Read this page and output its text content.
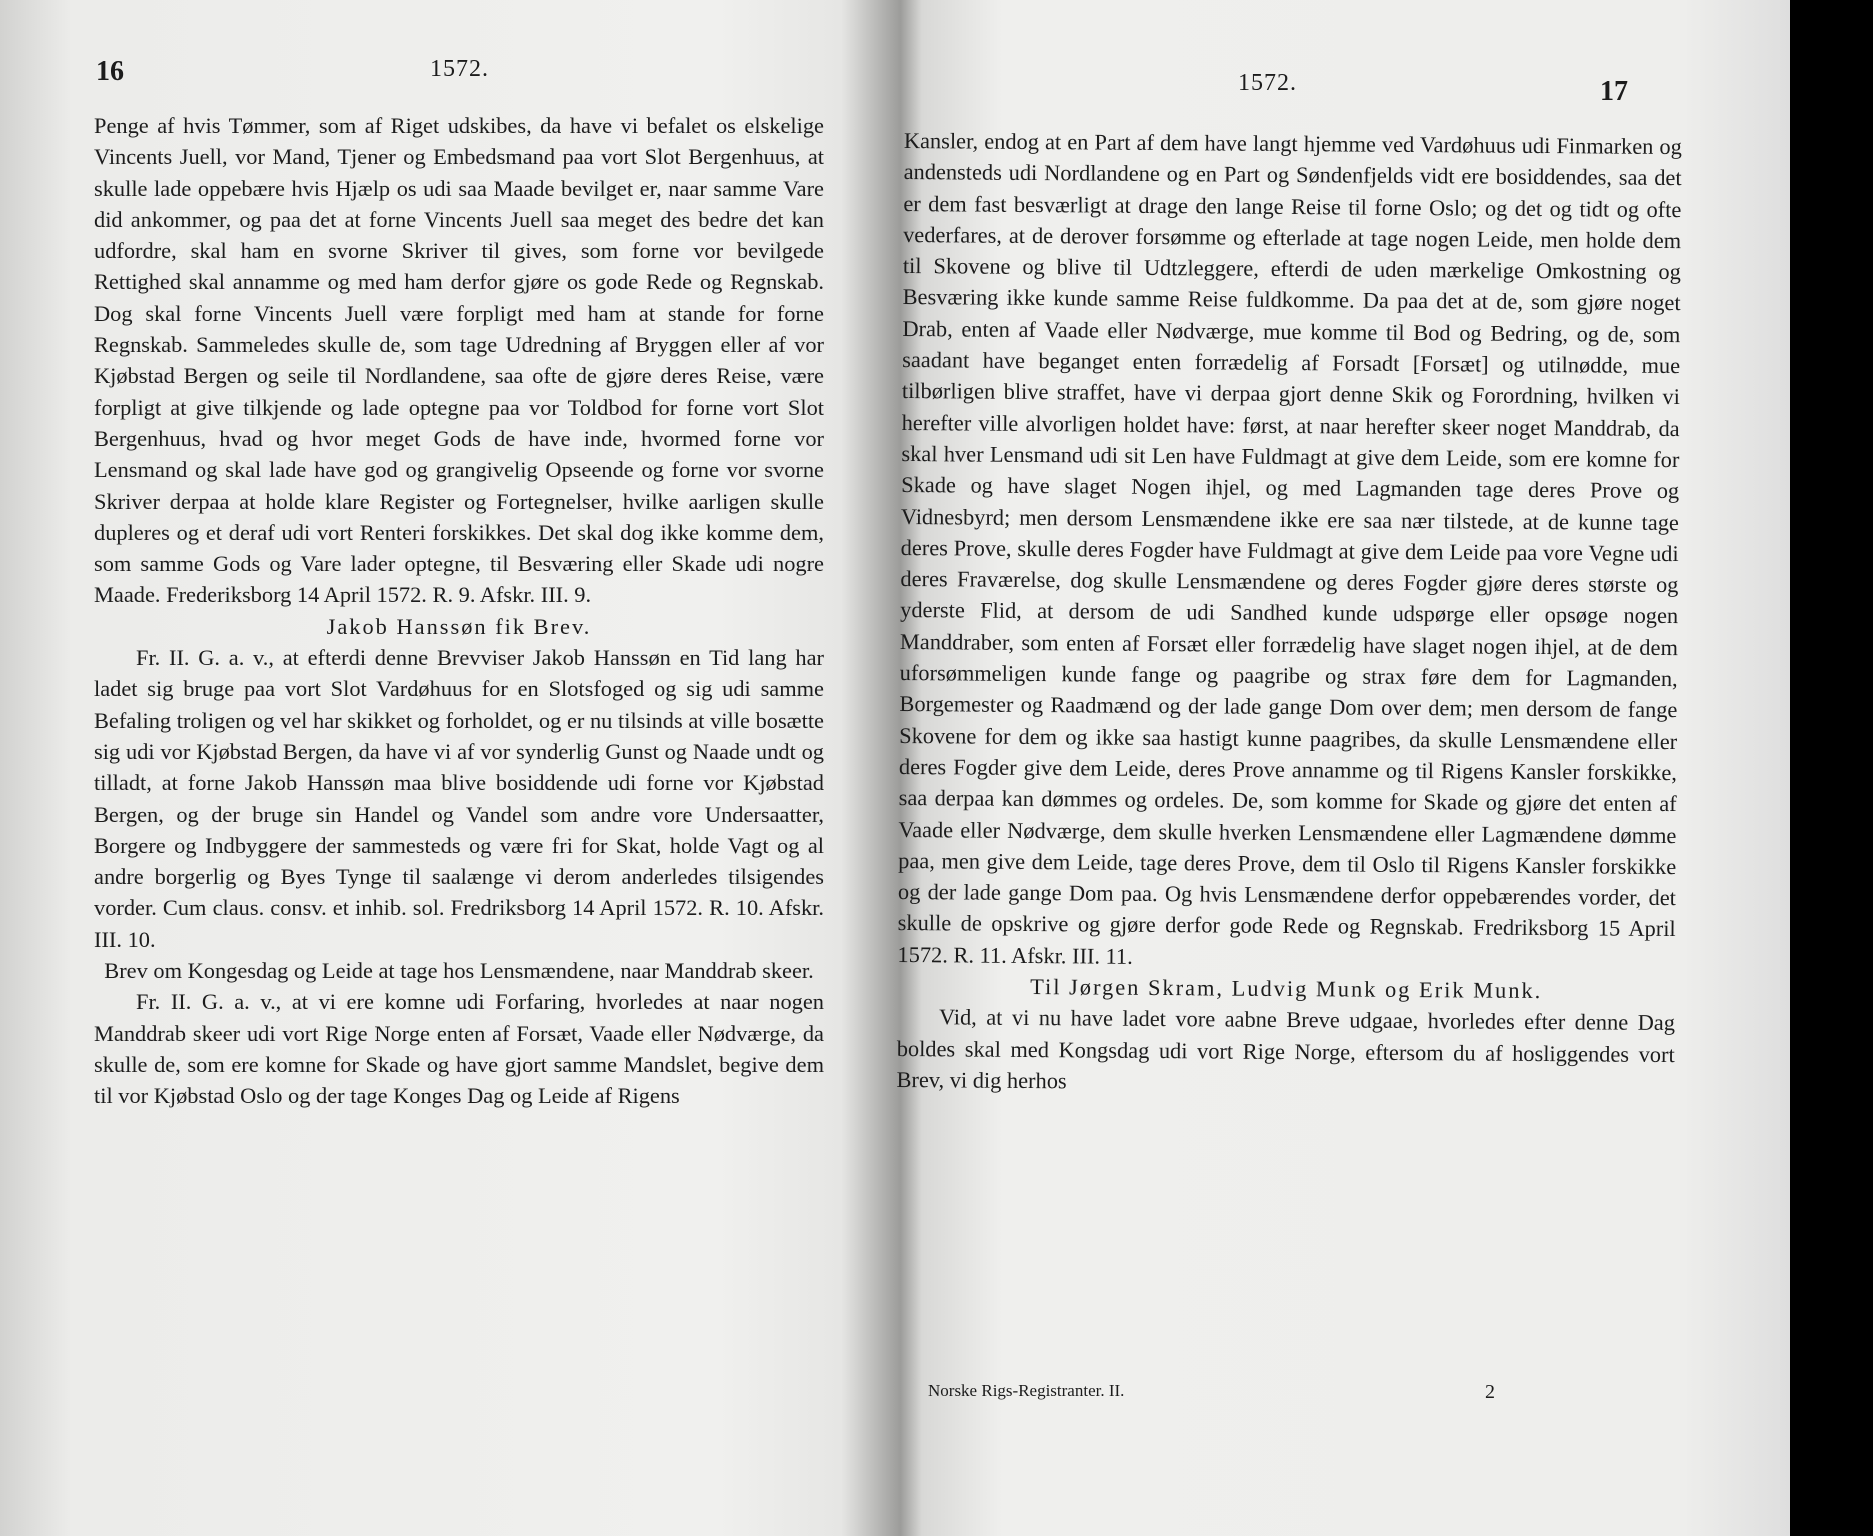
16	1572.

Penge af hvis Tømmer, som af Riget udskibes, da have vi befalet os elskelige Vincents Juell, vor Mand, Tjener og Embedsmand paa vort Slot Bergenhuus, at skulle lade oppebære hvis Hjælp os udi saa Maade bevilget er, naar samme Vare did ankommer, og paa det at forne Vincents Juell saa meget des bedre det kan udfordre, skal ham en svorne Skriver til gives, som forne vor bevilgede Rettighed skal annamme og med ham derfor gjøre os gode Rede og Regnskab. Dog skal forne Vincents Juell være forpligt med ham at stande for forne Regnskab. Sammeledes skulle de, som tage Udredning af Bryggen eller af vor Kjøbstad Bergen og seile til Nordlandene, saa ofte de gjøre deres Reise, være forpligt at give tilkjende og lade optegne paa vor Toldbod for forne vort Slot Bergenhuus, hvad og hvor meget Gods de have inde, hvormed forne vor Lensmand og skal lade have god og grangivelig Opseende og forne vor svorne Skriver derpaa at holde klare Register og Fortegnelser, hvilke aarligen skulle dupleres og et deraf udi vort Renteri forskikkes. Det skal dog ikke komme dem, som samme Gods og Vare lader optegne, til Besværing eller Skade udi nogre Maade. Frederiksborg 14 April 1572. R. 9. Afskr. III. 9.

Jakob Hanssøn fik Brev.

Fr. II. G. a. v., at efterdi denne Brevviser Jakob Hanssøn en Tid lang har ladet sig bruge paa vort Slot Vardøhuus for en Slotsfoged og sig udi samme Befaling troligen og vel har skikket og forholdet, og er nu tilsinds at ville bosætte sig udi vor Kjøbstad Bergen, da have vi af vor synderlig Gunst og Naade undt og tilladt, at forne Jakob Hanssøn maa blive bosiddende udi forne vor Kjøbstad Bergen, og der bruge sin Handel og Vandel som andre vore Undersaatter, Borgere og Indbyggere der sammesteds og være fri for Skat, holde Vagt og al andre borgerlig og Byes Tynge til saalænge vi derom anderledes tilsigendes vorder. Cum claus. consv. et inhib. sol. Fredriksborg 14 April 1572. R. 10. Afskr. III. 10.

Brev om Kongesdag og Leide at tage hos Lensmændene, naar Manddrab skeer.

Fr. II. G. a. v., at vi ere komne udi Forfaring, hvorledes at naar nogen Manddrab skeer udi vort Rige Norge enten af Forsæt, Vaade eller Nødværge, da skulle de, som ere komne for Skade og have gjort samme Mandslet, begive dem til vor Kjøbstad Oslo og der tage Konges Dag og Leide af Rigens

1572.	17

Kansler, endog at en Part af dem have langt hjemme ved Vardøhuus udi Finmarken og andensteds udi Nordlandene og en Part og Søndenfjelds vidt ere bosiddendes, saa det er dem fast besværligt at drage den lange Reise til forne Oslo; og det og tidt og ofte vederfares, at de derover forsømme og efterlade at tage nogen Leide, men holde dem til Skovene og blive til Udtzleggere, efterdi de uden mærkelige Omkostning og Besværing ikke kunde samme Reise fuldkomme. Da paa det at de, som gjøre noget Drab, enten af Vaade eller Nødværge, mue komme til Bod og Bedring, og de, som saadant have beganget enten forrædelig af Forsadt [Forsæt] og utilnødde, mue tilbørligen blive straffet, have vi derpaa gjort denne Skik og Forordning, hvilken vi herefter ville alvorligen holdet have: først, at naar herefter skeer noget Manddrab, da skal hver Lensmand udi sit Len have Fuldmagt at give dem Leide, som ere komne for Skade og have slaget Nogen ihjel, og med Lagmanden tage deres Prove og Vidnesbyrd; men dersom Lensmændene ikke ere saa nær tilstede, at de kunne tage deres Prove, skulle deres Fogder have Fuldmagt at give dem Leide paa vore Vegne udi deres Fraværelse, dog skulle Lensmændene og deres Fogder gjøre deres største og yderste Flid, at dersom de udi Sandhed kunde udspørge eller opsøge nogen Manddraber, som enten af Forsæt eller forrædelig have slaget nogen ihjel, at de dem uforsømmeligen kunde fange og paagribe og strax føre dem for Lagmanden, Borgemester og Raadmænd og der lade gange Dom over dem; men dersom de fange Skovene for dem og ikke saa hastigt kunne paagribes, da skulle Lensmændene eller deres Fogder give dem Leide, deres Prove annamme og til Rigens Kansler forskikke, saa derpaa kan dømmes og ordeles. De, som komme for Skade og gjøre det enten af Vaade eller Nødværge, dem skulle hverken Lensmændene eller Lagmændene dømme paa, men give dem Leide, tage deres Prove, dem til Oslo til Rigens Kansler forskikke og der lade gange Dom paa. Og hvis Lensmændene derfor oppebærendes vorder, det skulle de opskrive og gjøre derfor gode Rede og Regnskab. Fredriksborg 15 April 1572. R. 11. Afskr. III. 11.

Til Jørgen Skram, Ludvig Munk og Erik Munk.

Vid, at vi nu have ladet vore aabne Breve udgaae, hvorledes efter denne Dag boldes skal med Kongsdag udi vort Rige Norge, eftersom du af hosliggendes vort Brev, vi dig herhos

Norske Rigs-Registranter. II.	2
